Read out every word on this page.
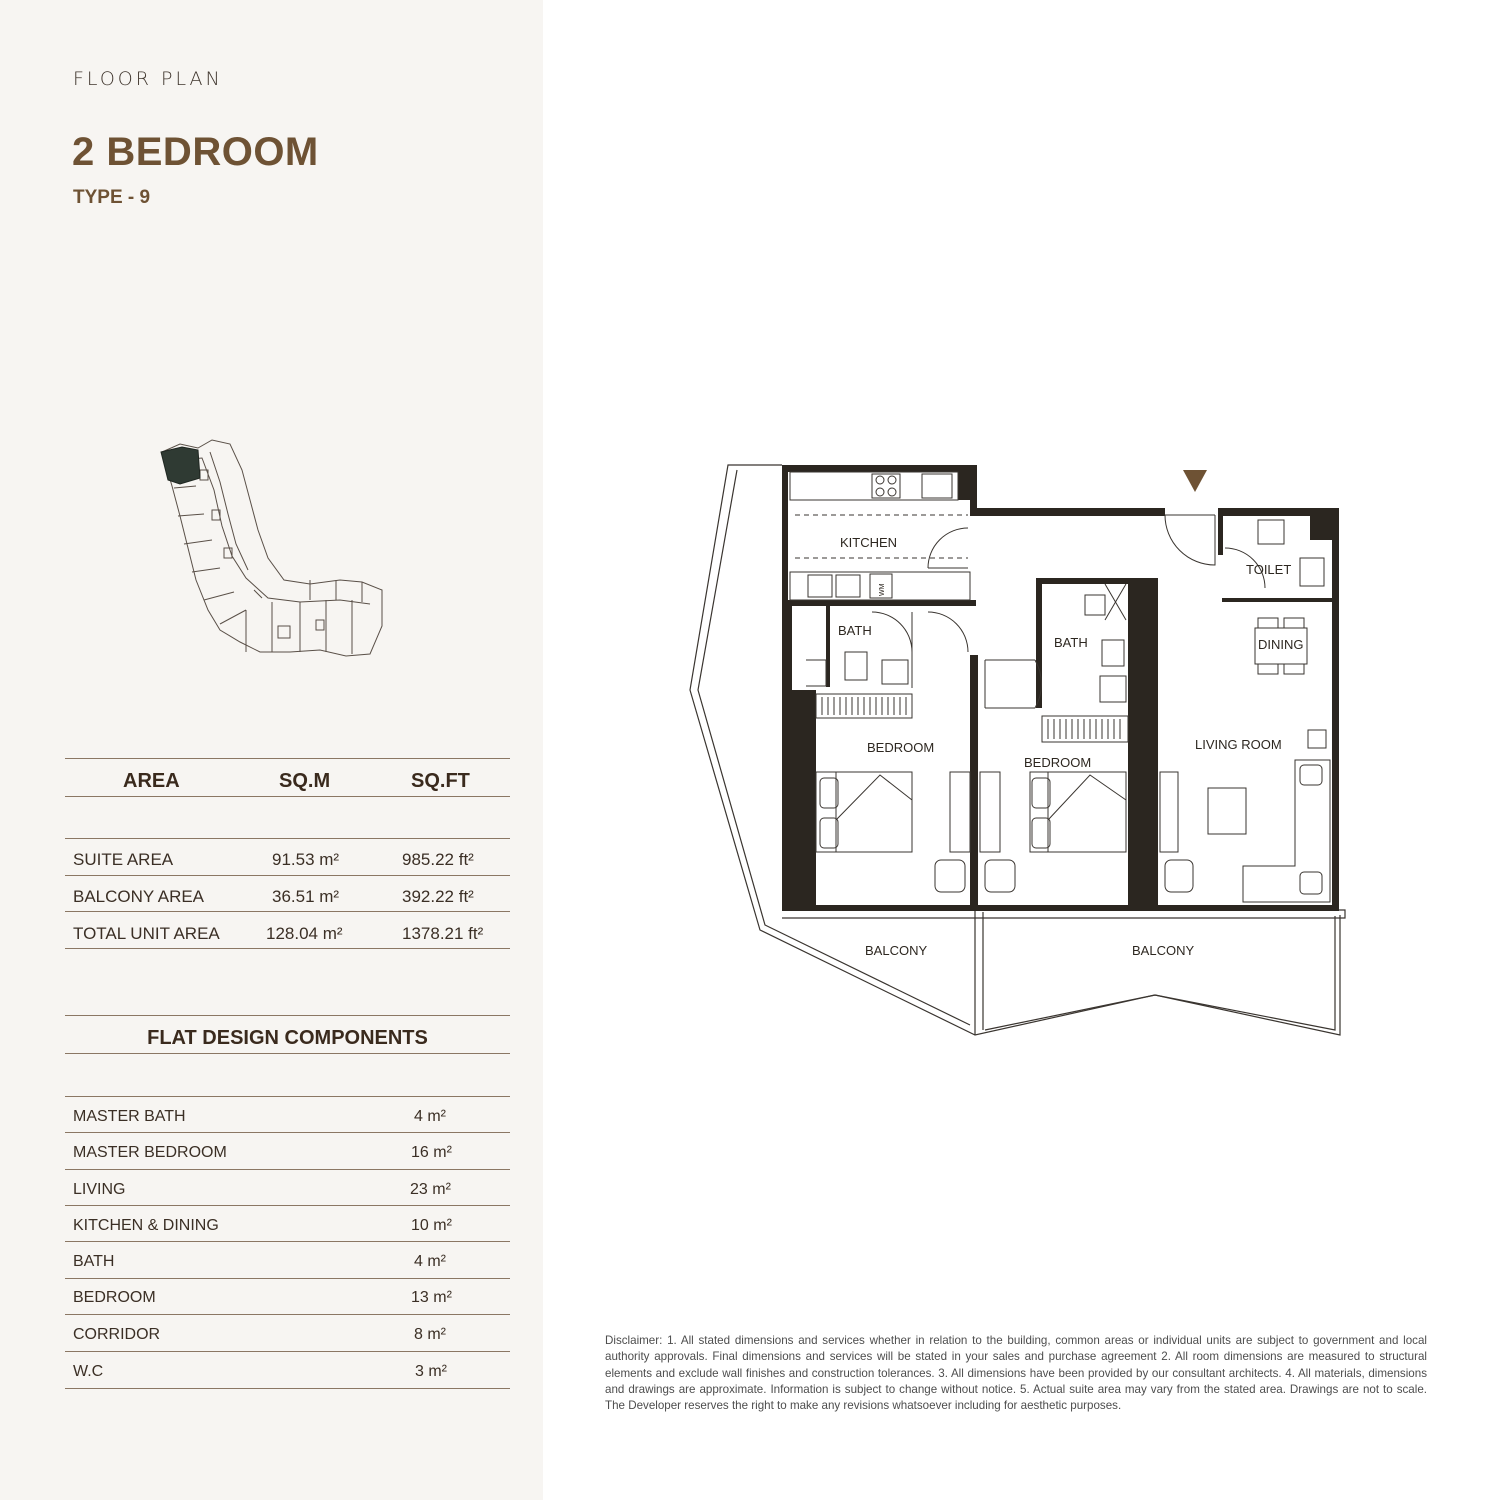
FLOOR PLAN
2 BEDROOM
TYPE - 9
AREA	SQ.M	SQ.FT
SUITE AREA	91.53 m²	985.22 ft²
BALCONY AREA	36.51 m²	392.22 ft²
TOTAL UNIT AREA	128.04 m²	1378.21 ft²
FLAT DESIGN COMPONENTS
MASTER BATH	4 m²
MASTER BEDROOM	16 m²
LIVING	23 m²
KITCHEN & DINING	10 m²
BATH	4 m²
BEDROOM	13 m²
CORRIDOR	8 m²
W.C	3 m²
KITCHEN
BATH
BATH
BEDROOM
BEDROOM
TOILET
DINING
LIVING ROOM
BALCONY	BALCONY
WM
Disclaimer: 1. All stated dimensions and services whether in relation to the building, common areas or individual units are subject to government and local authority approvals. Final dimensions and services will be stated in your sales and purchase agreement 2. All room dimensions are measured to structural elements and exclude wall finishes and construction tolerances. 3. All dimensions have been provided by our consultant architects. 4. All materials, dimensions and drawings are approximate. Information is subject to change without notice. 5. Actual suite area may vary from the stated area. Drawings are not to scale. The Developer reserves the right to make any revisions whatsoever including for aesthetic purposes.
